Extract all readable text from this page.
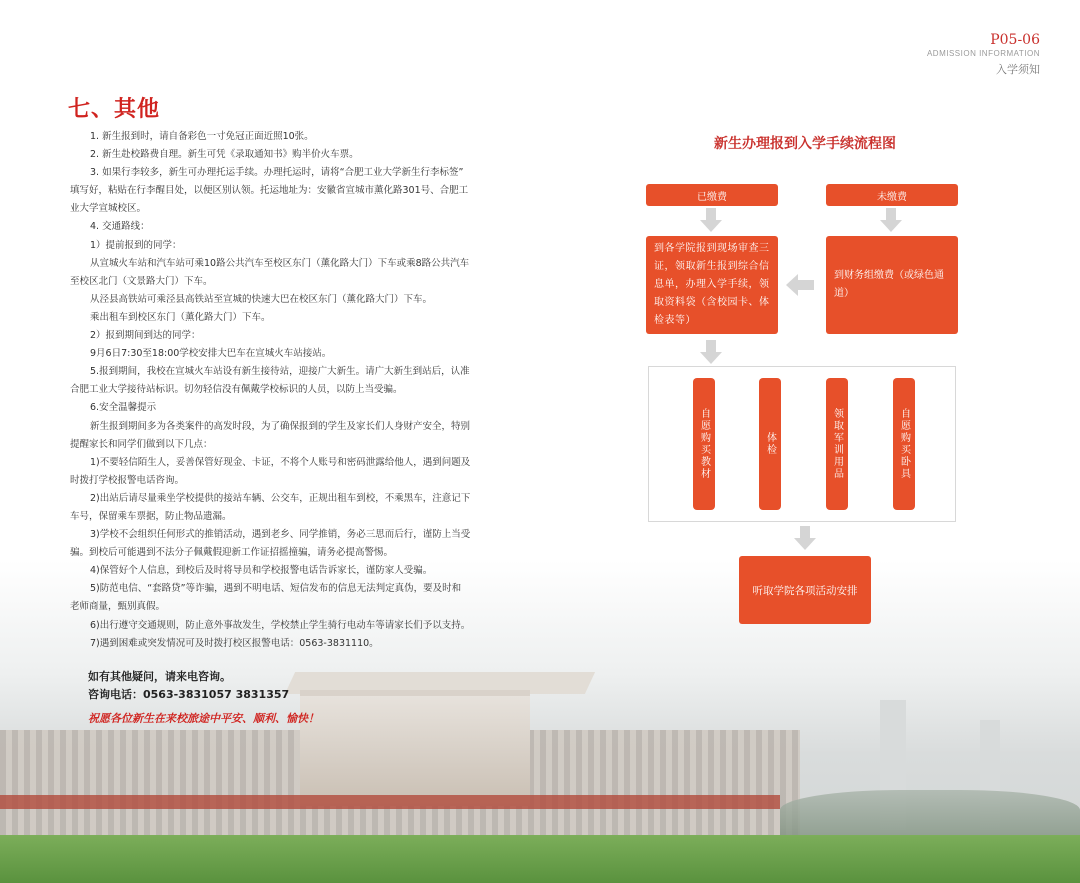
P05-06
ADMISSION INFORMATION
入学须知
七、其他

1. 新生报到时，请自备彩色一寸免冠正面近照10张。

2. 新生赴校路费自理。新生可凭《录取通知书》购半价火车票。

3. 如果行李较多，新生可办理托运手续。办理托运时，请将“合肥工业大学新生行李标签”

填写好，粘贴在行李醒目处，以便区别认领。托运地址为：安徽省宣城市薰化路301号、合肥工

业大学宣城校区。

4. 交通路线：

1）提前报到的同学：

从宣城火车站和汽车站可乘10路公共汽车至校区东门（薰化路大门）下车或乘8路公共汽车

至校区北门（文景路大门）下车。

从泾县高铁站可乘泾县高铁站至宣城的快速大巴在校区东门（薰化路大门）下车。

乘出租车到校区东门（薰化路大门）下车。

2）报到期间到达的同学：

9月6日7:30至18:00学校安排大巴车在宣城火车站接站。

5.报到期间，我校在宣城火车站设有新生接待站，迎接广大新生。请广大新生到站后，认准

合肥工业大学接待站标识。切勿轻信没有佩戴学校标识的人员，以防上当受骗。

6.安全温馨提示

新生报到期间多为各类案件的高发时段，为了确保报到的学生及家长们人身财产安全，特别

提醒家长和同学们做到以下几点：

1)不要轻信陌生人，妥善保管好现金、卡证，不将个人账号和密码泄露给他人，遇到问题及

时拨打学校报警电话咨询。

2)出站后请尽量乘坐学校提供的接站车辆、公交车，正规出租车到校，不乘黑车，注意记下

车号，保留乘车票据，防止物品遗漏。

3)学校不会组织任何形式的推销活动，遇到老乡、同学推销，务必三思而后行，谨防上当受

骗。到校后可能遇到不法分子佩戴假迎新工作证招摇撞骗，请务必提高警惕。

4)保管好个人信息，到校后及时将导员和学校报警电话告诉家长，谨防家人受骗。

5)防范电信、“套路贷”等诈骗，遇到不明电话、短信发布的信息无法判定真伪，要及时和

老师商量，甄别真假。

6)出行遵守交通规则，防止意外事故发生，学校禁止学生骑行电动车等请家长们予以支持。

7)遇到困难或突发情况可及时拨打校区报警电话：0563-3831110。

如有其他疑问，请来电咨询。
咨询电话：0563-3831057 3831357
祝愿各位新生在来校旅途中平安、顺利、愉快！
新生办理报到入学手续流程图
已缴费	未缴费
到各学院报到现场审查三证，领取新生报到综合信息单，办理入学手续，领取资料袋（含校园卡、体检表等）
到财务组缴费（或绿色通道）
自愿购买教材	体检	领取军训用品	自愿购买卧具
听取学院各项活动安排
